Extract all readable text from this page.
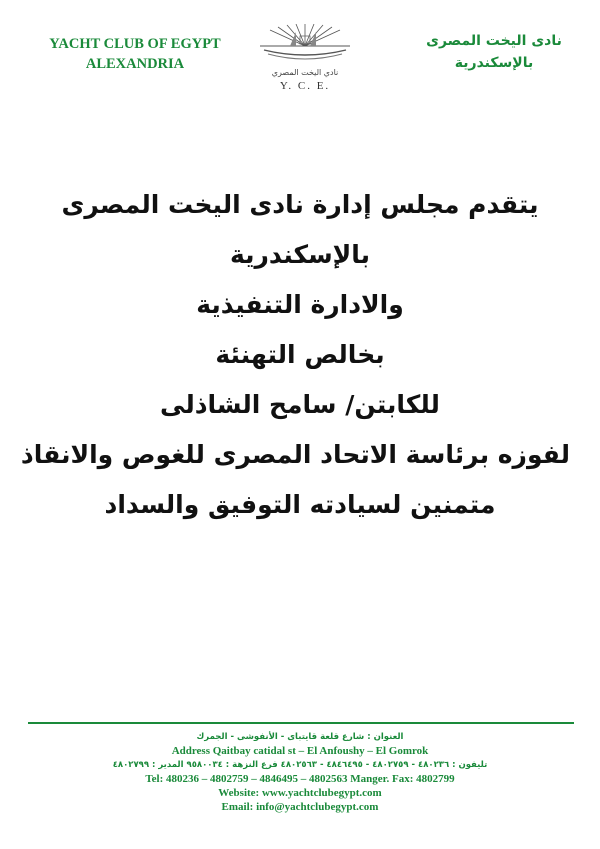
YACHT CLUB OF EGYPT
ALEXANDRIA
نادي اليخت المصري
Y. C. E.
نادى اليخت المصرى
بالإسكندرية
يتقدم مجلس إدارة نادى اليخت المصرى
بالإسكندرية
والادارة التنفيذية
بخالص التهنئة
للكابتن/ سامح الشاذلى
لفوزه برئاسة الاتحاد المصرى للغوص والانقاذ
متمنين لسيادته التوفيق والسداد
العنوان : شارع قلعة قايتباى - الأنفوشى - الجمرك
Address Qaitbay catidal st – El Anfoushy – El Gomrok
تليفون : ٤٨٠٢٣٦ - ٤٨٠٢٧٥٩ - ٤٨٤٦٤٩٥ - ٤٨٠٢٥٦٣ فرع النزهة : ٩٥٨٠٠٣٤ المدير : ٤٨٠٢٧٩٩
Tel: 480236 – 4802759 – 4846495 – 4802563 Manger. Fax: 4802799
Website: www.yachtclubegypt.com
Email: info@yachtclubegypt.com
